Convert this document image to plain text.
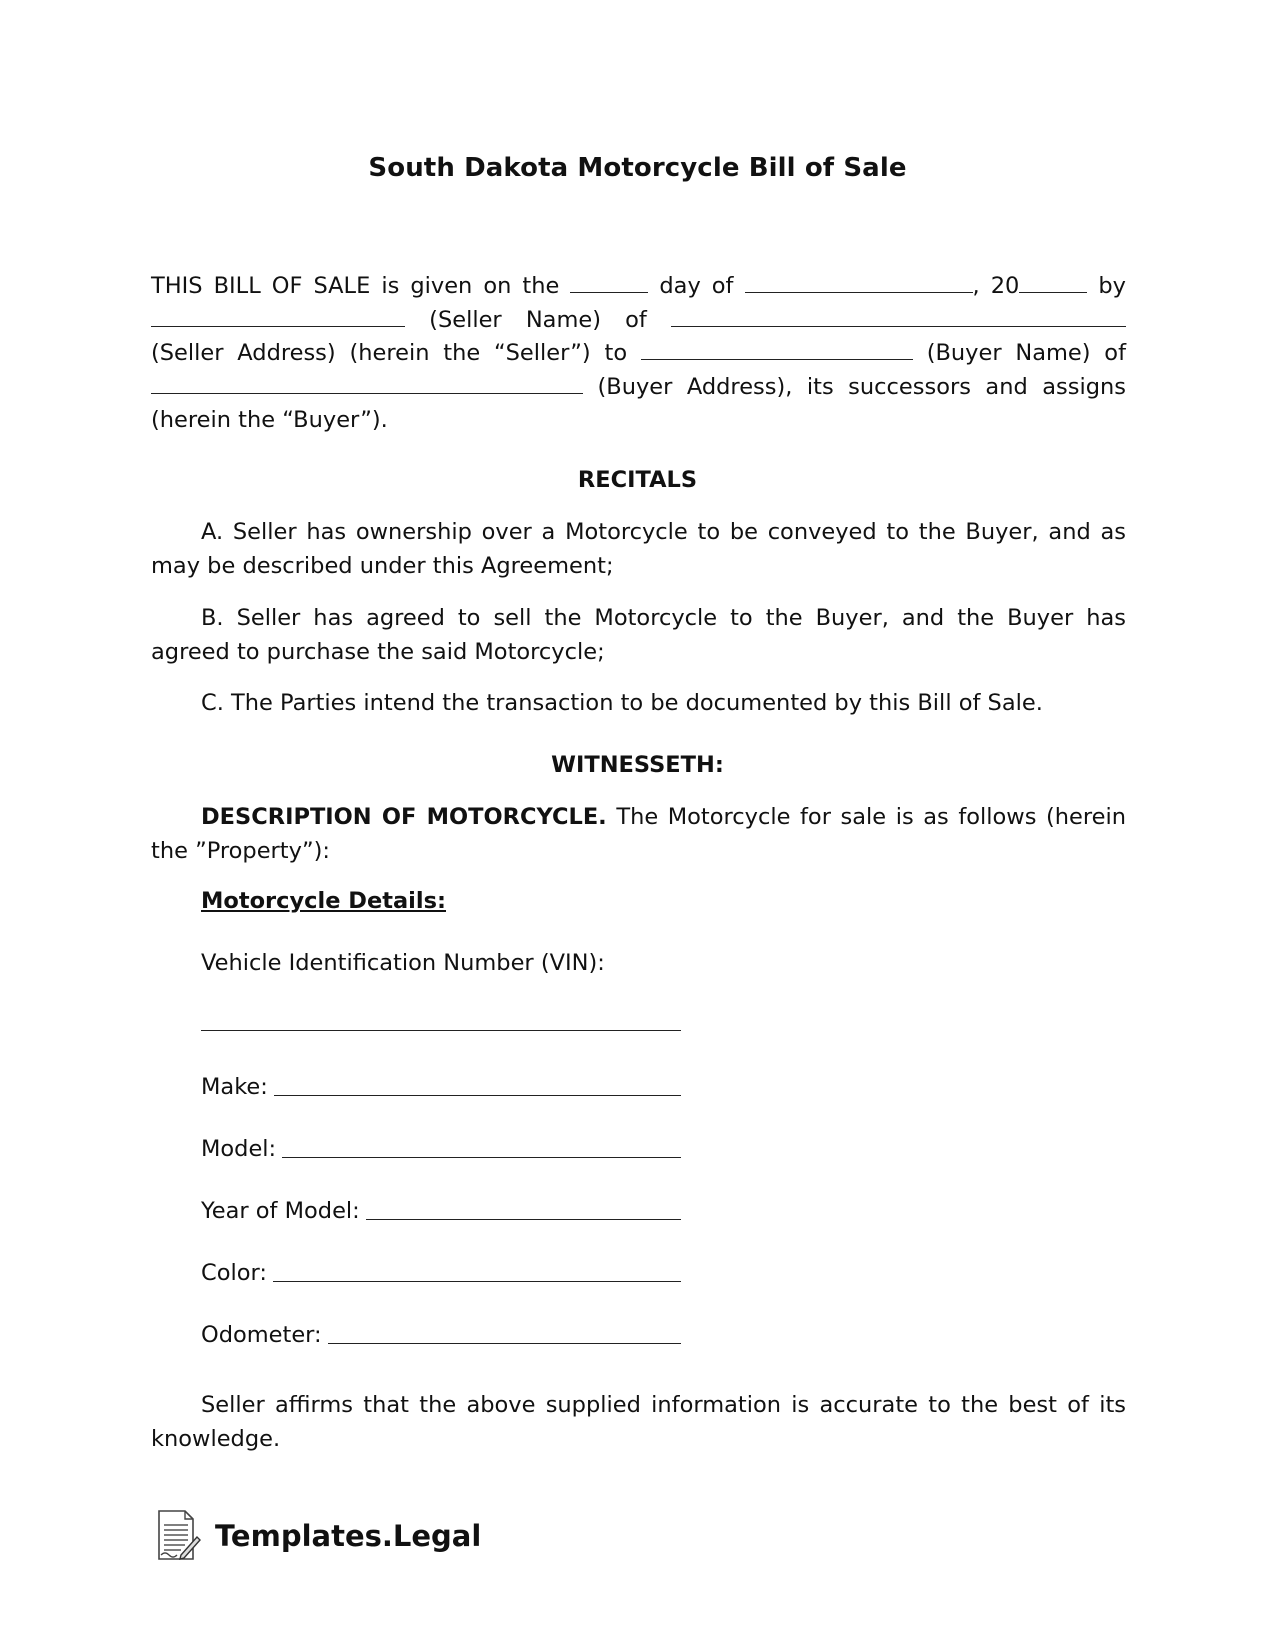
South Dakota Motorcycle Bill of Sale
THIS BILL OF SALE is given on the	day of	, 20	by  (Seller Name) of  (Seller Address) (herein the “Seller”) to	(Buyer Name) of  (Buyer Address), its successors and assigns (herein the “Buyer”).
RECITALS

A. Seller has ownership over a Motorcycle to be conveyed to the Buyer, and as may be described under this Agreement;

B. Seller has agreed to sell the Motorcycle to the Buyer, and the Buyer has agreed to purchase the said Motorcycle;

C. The Parties intend the transaction to be documented by this Bill of Sale.

WITNESSETH:

DESCRIPTION OF MOTORCYCLE. The Motorcycle for sale is as follows (herein the ”Property”):

Motorcycle Details:
Vehicle Identification Number (VIN):
Make:
Model:
Year of Model:
Color:
Odometer:

Seller affirms that the above supplied information is accurate to the best of its knowledge.

Templates.Legal
